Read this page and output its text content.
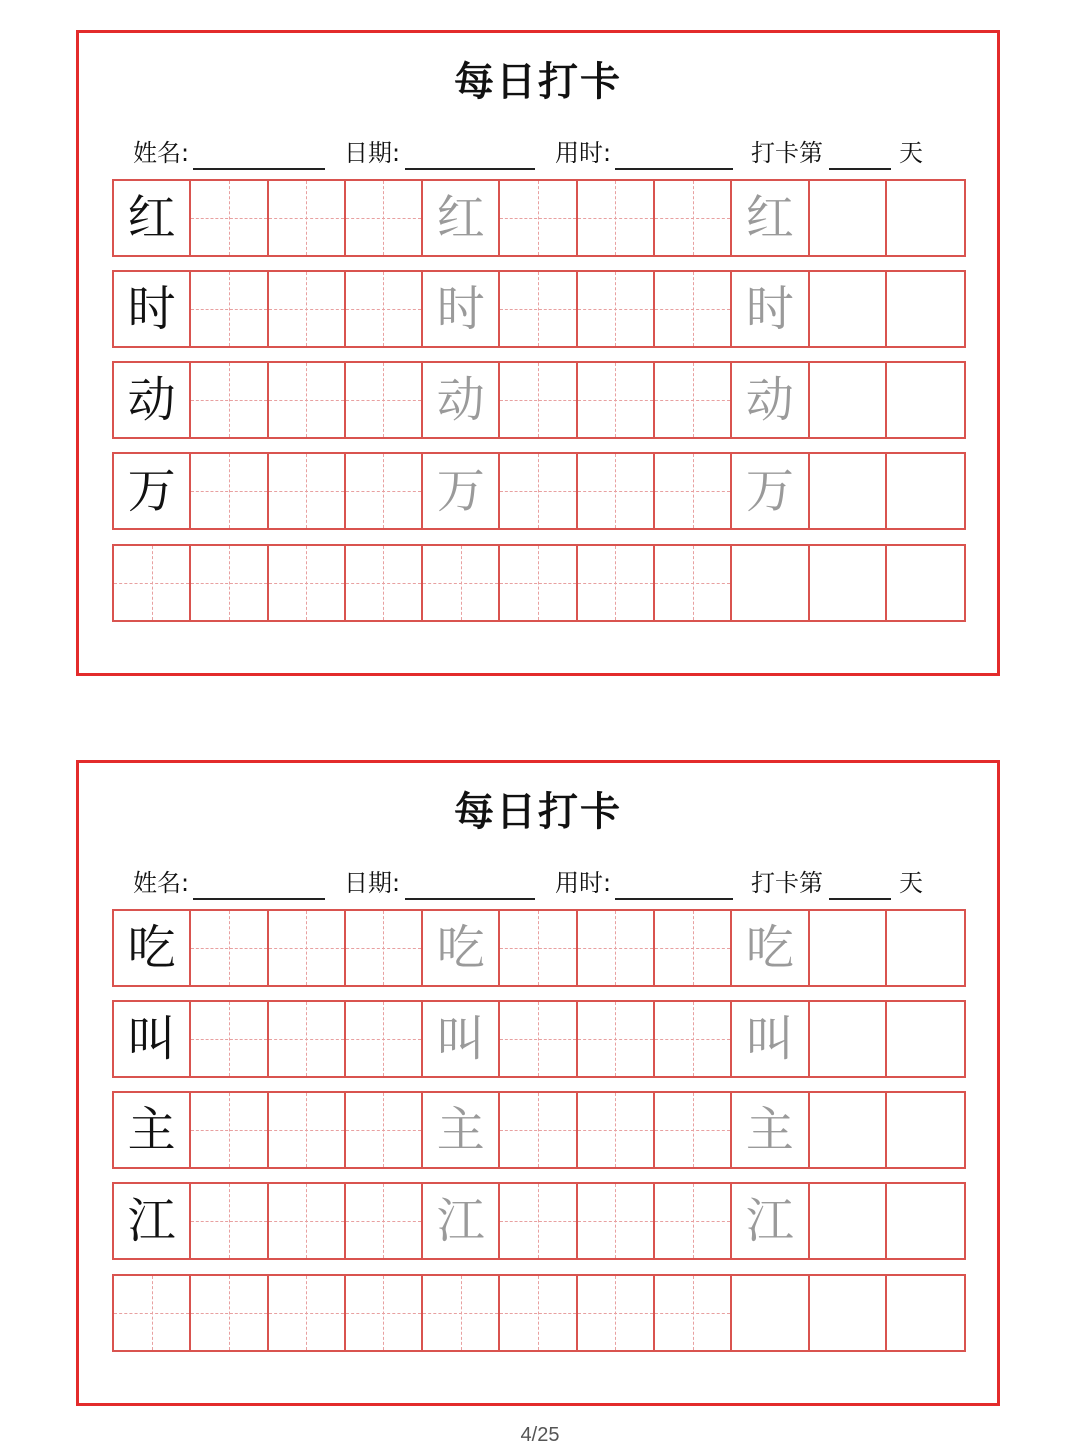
每日打卡
姓名:	日期:	用时:	打卡第	天
红	红	红
时	时	时
动	动	动
万	万	万
每日打卡
姓名:	日期:	用时:	打卡第	天
吃	吃	吃
叫	叫	叫
主	主	主
江	江	江
4/25
